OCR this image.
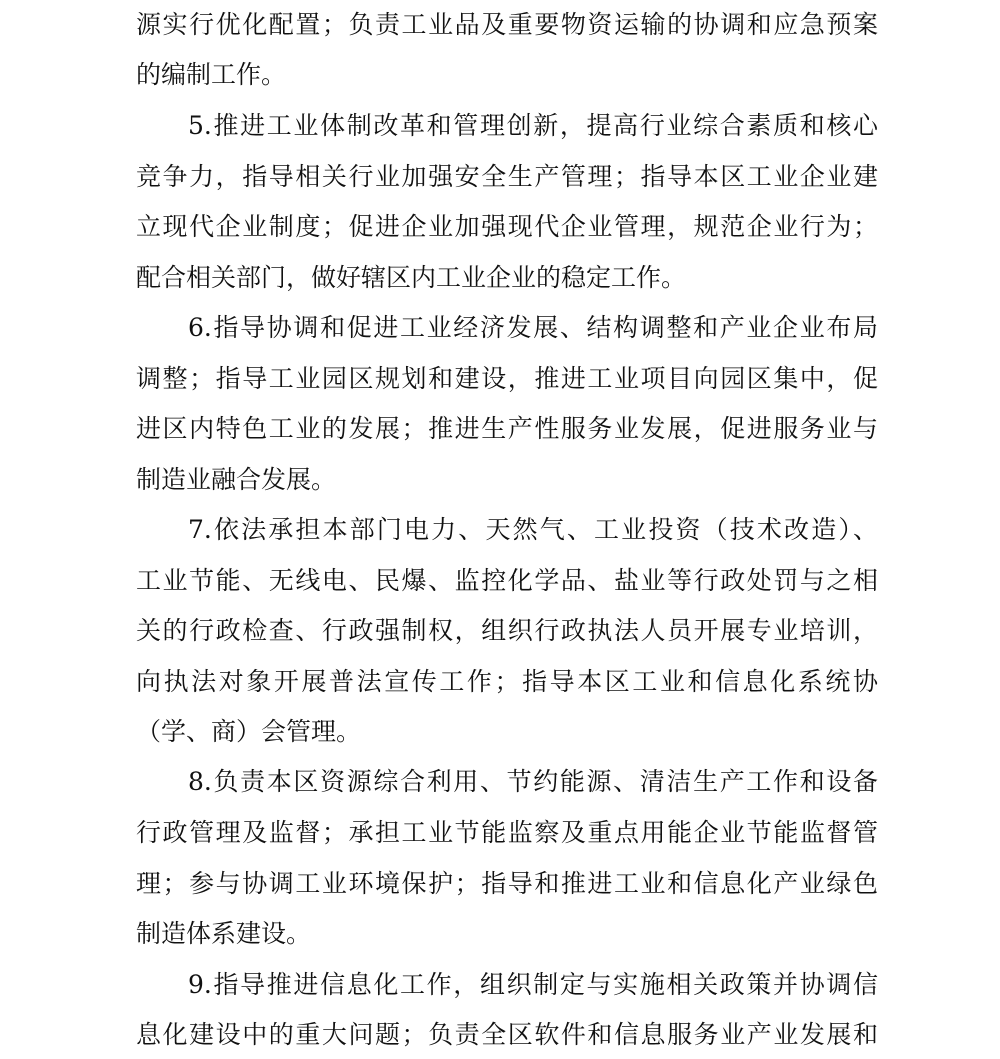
源实行优化配置；负责工业品及重要物资运输的协调和应急预案
的编制工作。
5.推进工业体制改革和管理创新，提高行业综合素质和核心
竞争力，指导相关行业加强安全生产管理；指导本区工业企业建
立现代企业制度；促进企业加强现代企业管理，规范企业行为；
配合相关部门，做好辖区内工业企业的稳定工作。
6.指导协调和促进工业经济发展、结构调整和产业企业布局
调整；指导工业园区规划和建设，推进工业项目向园区集中，促
进区内特色工业的发展；推进生产性服务业发展，促进服务业与
制造业融合发展。
7.依法承担本部门电力、天然气、工业投资（技术改造）、
工业节能、无线电、民爆、监控化学品、盐业等行政处罚与之相
关的行政检查、行政强制权，组织行政执法人员开展专业培训，
向执法对象开展普法宣传工作；指导本区工业和信息化系统协
（学、商）会管理。
8.负责本区资源综合利用、节约能源、清洁生产工作和设备
行政管理及监督；承担工业节能监察及重点用能企业节能监督管
理；参与协调工业环境保护；指导和推进工业和信息化产业绿色
制造体系建设。
9.指导推进信息化工作，组织制定与实施相关政策并协调信
息化建设中的重大问题；负责全区软件和信息服务业产业发展和
